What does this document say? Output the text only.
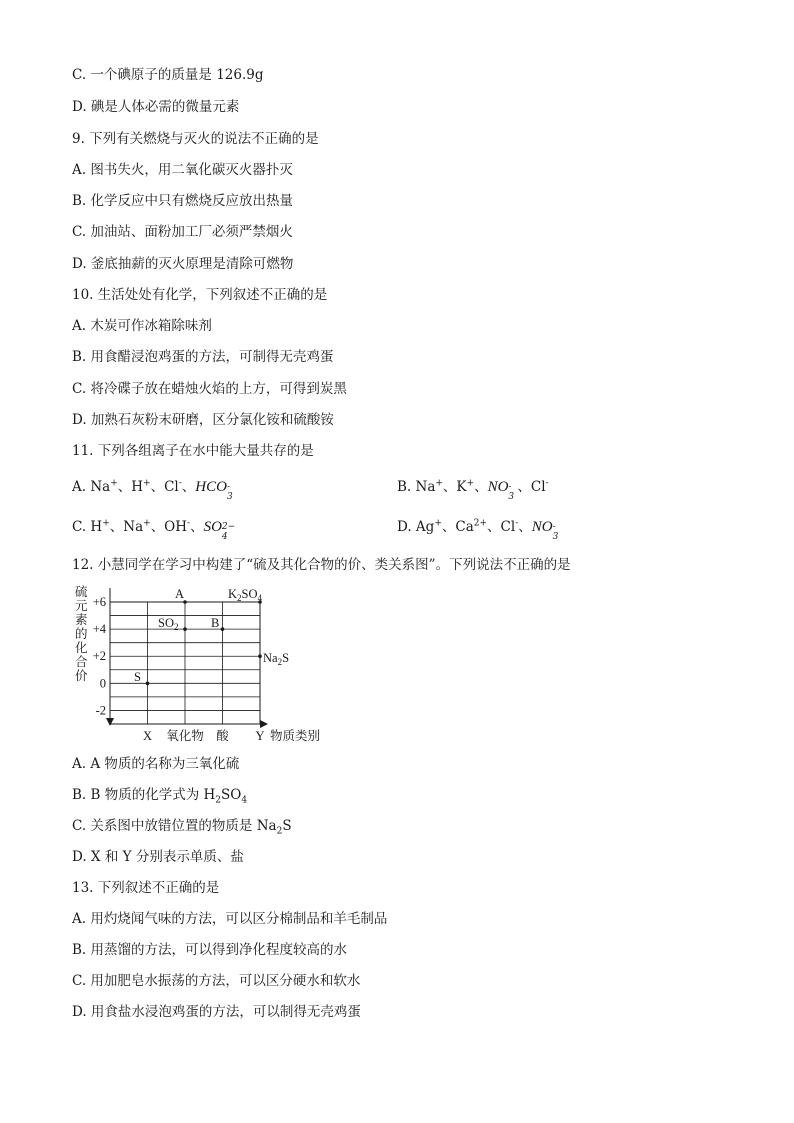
C. 一个碘原子的质量是 126.9g
D. 碘是人体必需的微量元素
9. 下列有关燃烧与灭火的说法不正确的是
A. 图书失火，用二氧化碳灭火器扑灭
B. 化学反应中只有燃烧反应放出热量
C. 加油站、面粉加工厂必须严禁烟火
D. 釜底抽薪的灭火原理是清除可燃物
10. 生活处处有化学，下列叙述不正确的是
A. 木炭可作冰箱除味剂
B. 用食醋浸泡鸡蛋的方法，可制得无壳鸡蛋
C. 将冷碟子放在蜡烛火焰的上方，可得到炭黑
D. 加熟石灰粉末研磨，区分氯化铵和硫酸铵
11. 下列各组离子在水中能大量共存的是
A. Na+、H+、Cl-、HCO -
3
B. Na+、K+、NO -
3
、Cl-
C. H+、Na+、OH-、SO 2−
4
D. Ag+、$Ca^{2+}$、Cl-、NO -
3
12. 小慧同学在学习中构建了“硫及其化合物的价、类关系图”。下列说法不正确的是
+6
+4
+2
0
-2
X 氧化物 酸 Y
硫
元
素
的
化
合
价
物质类别
A	$K_2SO_4$
$SO_2$	B
$Na_2S$
S
A. A 物质的名称为三氧化硫
B. B 物质的化学式为 $H_2SO_4$
C. 关系图中放错位置的物质是 $Na_2S$
D. X 和 Y 分别表示单质、盐
13. 下列叙述不正确的是
A. 用灼烧闻气味的方法，可以区分棉制品和羊毛制品
B. 用蒸馏的方法，可以得到净化程度较高的水
C. 用加肥皂水振荡的方法，可以区分硬水和软水
D. 用食盐水浸泡鸡蛋的方法，可以制得无壳鸡蛋
